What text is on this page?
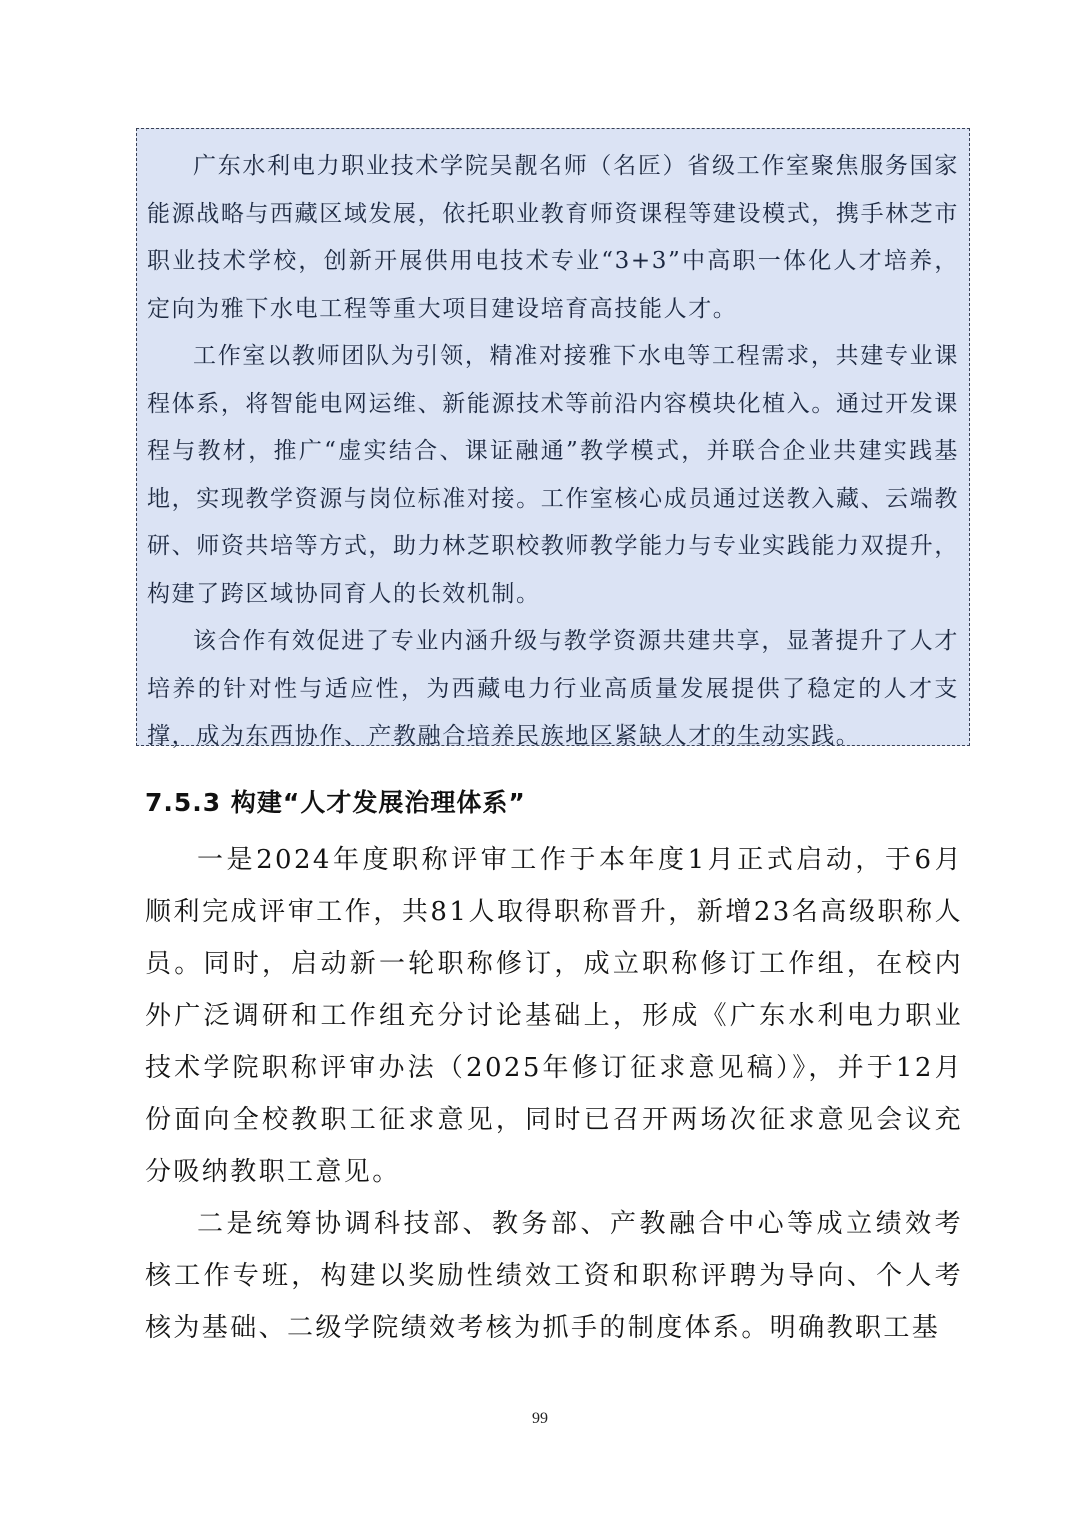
广东水利电力职业技术学院吴靓名师（名匠）省级工作室聚焦服务国家能源战略与西藏区域发展，依托职业教育师资课程等建设模式，携手林芝市职业技术学校，创新开展供用电技术专业“3+3”中高职一体化人才培养，定向为雅下水电工程等重大项目建设培育高技能人才。

工作室以教师团队为引领，精准对接雅下水电等工程需求，共建专业课程体系，将智能电网运维、新能源技术等前沿内容模块化植入。通过开发课程与教材，推广“虚实结合、课证融通”教学模式，并联合企业共建实践基地，实现教学资源与岗位标准对接。工作室核心成员通过送教入藏、云端教研、师资共培等方式，助力林芝职校教师教学能力与专业实践能力双提升，构建了跨区域协同育人的长效机制。

该合作有效促进了专业内涵升级与教学资源共建共享，显著提升了人才培养的针对性与适应性，为西藏电力行业高质量发展提供了稳定的人才支撑，成为东西协作、产教融合培养民族地区紧缺人才的生动实践。

7.5.3 构建“人才发展治理体系”

一是2024年度职称评审工作于本年度1月正式启动，于6月顺利完成评审工作，共81人取得职称晋升，新增23名高级职称人员。同时，启动新一轮职称修订，成立职称修订工作组，在校内外广泛调研和工作组充分讨论基础上，形成《广东水利电力职业技术学院职称评审办法（2025年修订征求意见稿）》，并于12月份面向全校教职工征求意见，同时已召开两场次征求意见会议充分吸纳教职工意见。

二是统筹协调科技部、教务部、产教融合中心等成立绩效考核工作专班，构建以奖励性绩效工资和职称评聘为导向、个人考核为基础、二级学院绩效考核为抓手的制度体系。明确教职工基

99
